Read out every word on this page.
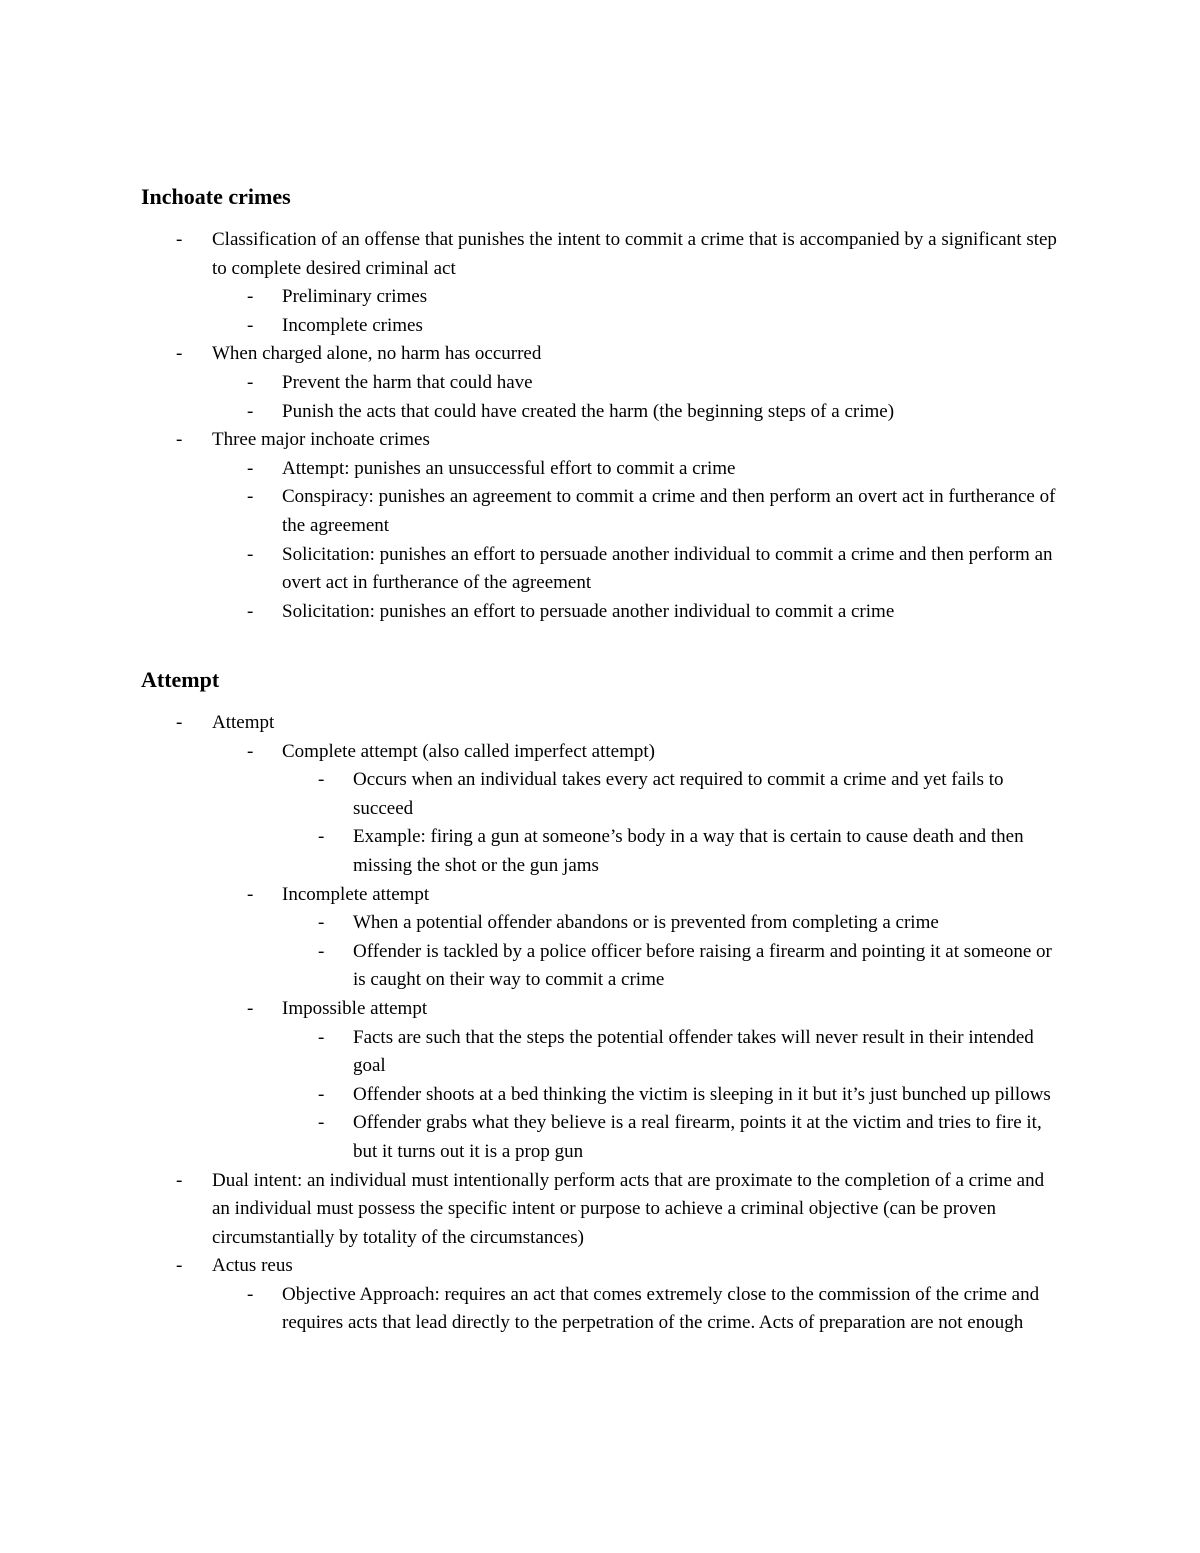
Inchoate crimes
- Classification of an offense that punishes the intent to commit a crime that is accompanied by a significant step to complete desired criminal act
- Preliminary crimes
- Incomplete crimes
- When charged alone, no harm has occurred
- Prevent the harm that could have
- Punish the acts that could have created the harm (the beginning steps of a crime)
- Three major inchoate crimes
- Attempt: punishes an unsuccessful effort to commit a crime
- Conspiracy: punishes an agreement to commit a crime and then perform an overt act in furtherance of the agreement
- Solicitation: punishes an effort to persuade another individual to commit a crime and then perform an overt act in furtherance of the agreement
- Solicitation: punishes an effort to persuade another individual to commit a crime
Attempt
- Attempt
- Complete attempt (also called imperfect attempt)
- Occurs when an individual takes every act required to commit a crime and yet fails to succeed
- Example: firing a gun at someone’s body in a way that is certain to cause death and then missing the shot or the gun jams
- Incomplete attempt
- When a potential offender abandons or is prevented from completing a crime
- Offender is tackled by a police officer before raising a firearm and pointing it at someone or is caught on their way to commit a crime
- Impossible attempt
- Facts are such that the steps the potential offender takes will never result in their intended goal
- Offender shoots at a bed thinking the victim is sleeping in it but it’s just bunched up pillows
- Offender grabs what they believe is a real firearm, points it at the victim and tries to fire it, but it turns out it is a prop gun
- Dual intent: an individual must intentionally perform acts that are proximate to the completion of a crime and an individual must possess the specific intent or purpose to achieve a criminal objective (can be proven circumstantially by totality of the circumstances)
- Actus reus
- Objective Approach: requires an act that comes extremely close to the commission of the crime and requires acts that lead directly to the perpetration of the crime. Acts of preparation are not enough
